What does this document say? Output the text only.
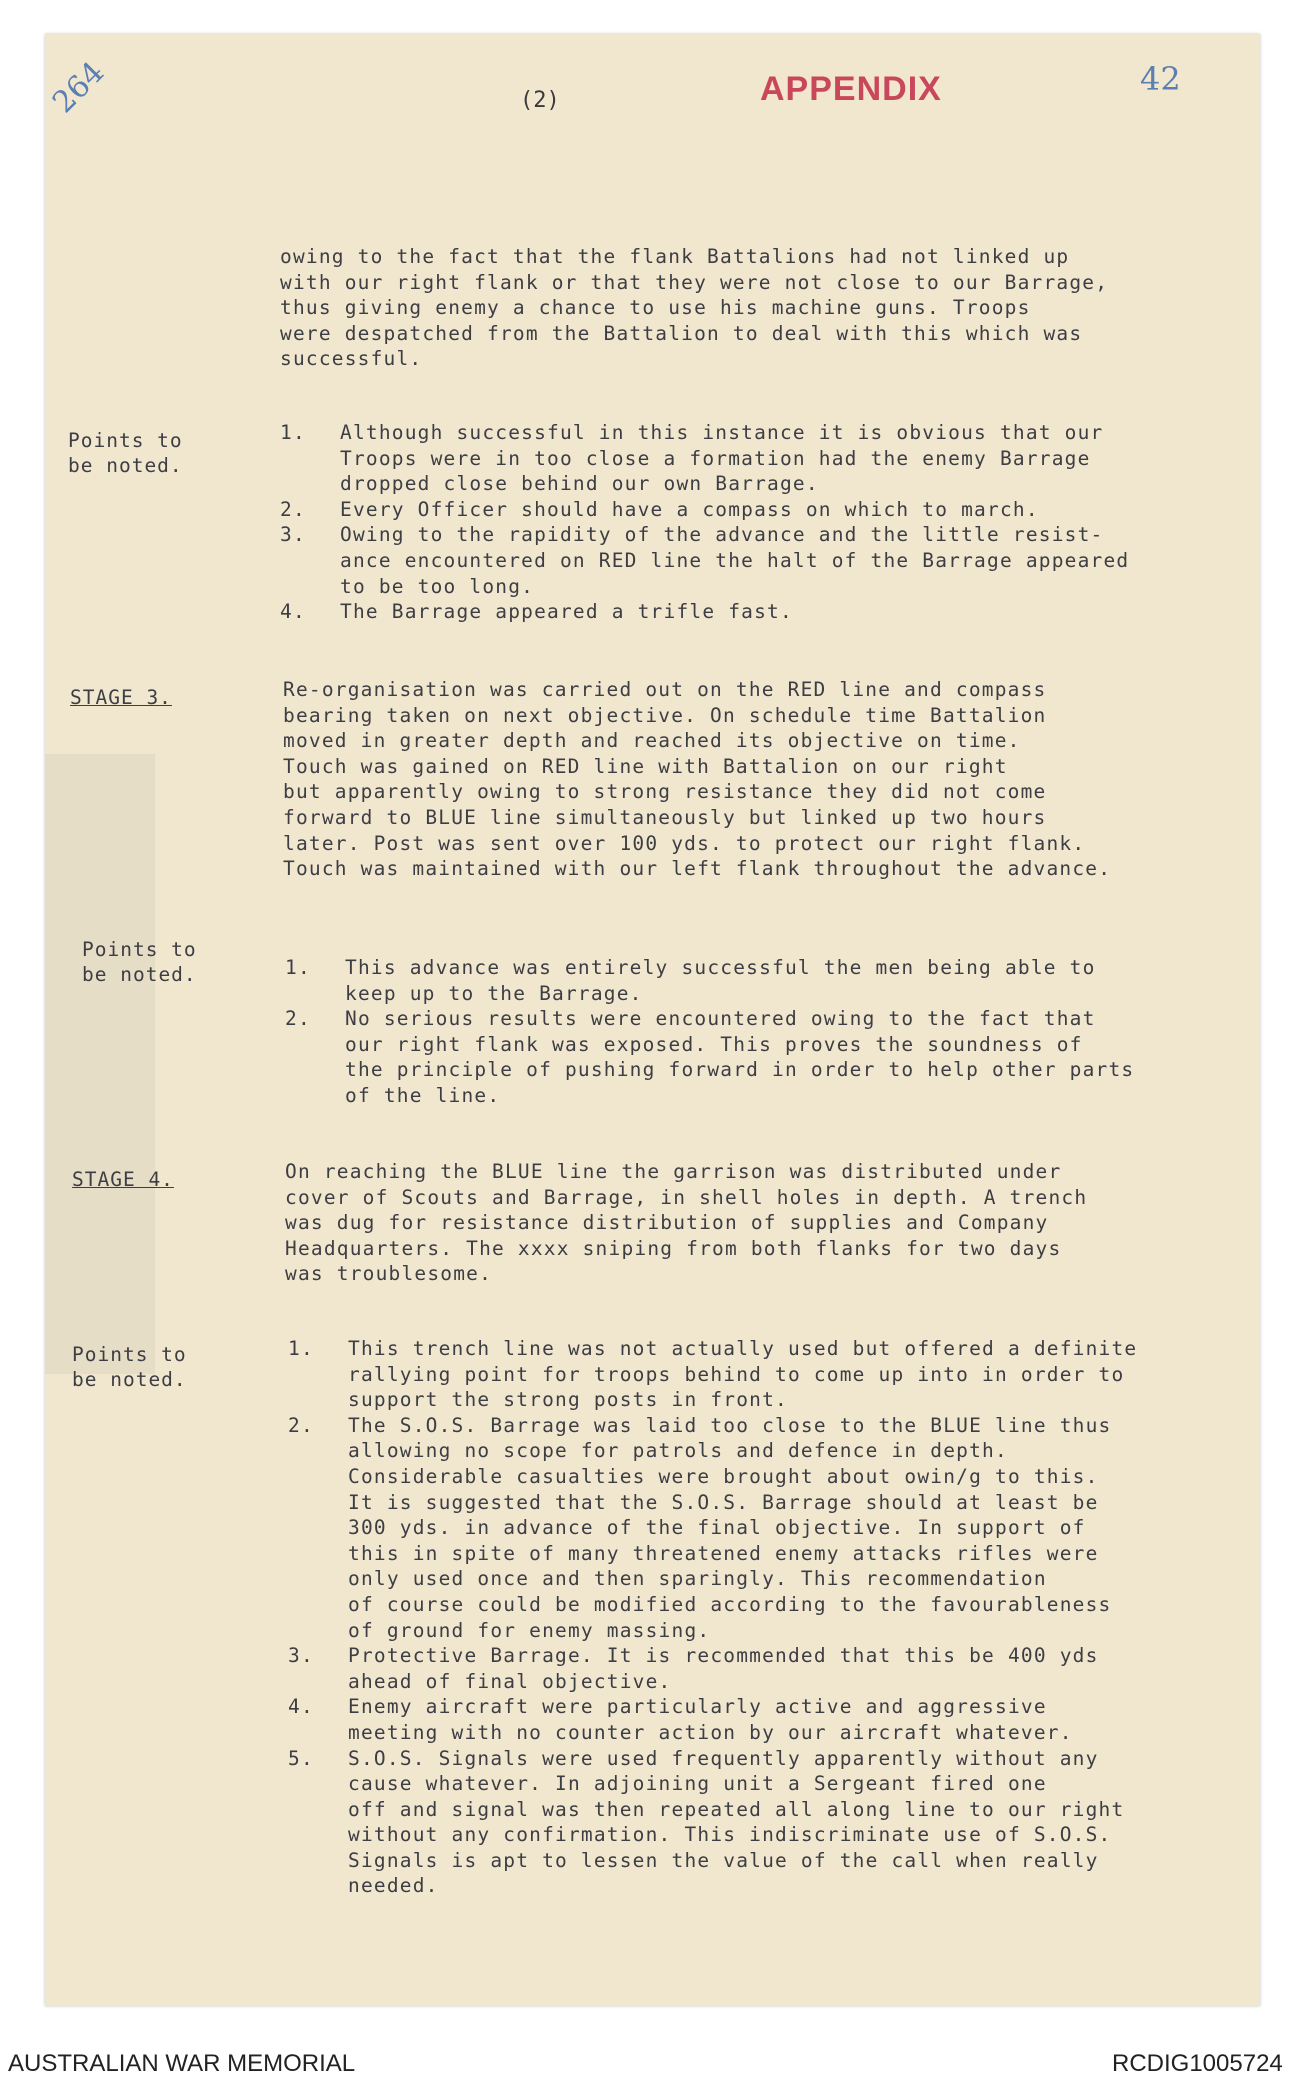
264	(2)	APPENDIX	42

owing to the fact that the flank Battalions had not linked up
with our right flank or that they were not close to our Barrage,
thus giving enemy a chance to use his machine guns. Troops
were despatched from the Battalion to deal with this which was
successful.

Points to
be noted.
1. Although successful in this instance it is obvious that our
Troops were in too close a formation had the enemy Barrage
dropped close behind our own Barrage.
2. Every Officer should have a compass on which to march.
3. Owing to the rapidity of the advance and the little resist-
ance encountered on RED line the halt of the Barrage appeared
to be too long.
4. The Barrage appeared a trifle fast.
STAGE 3.	Re-organisation was carried out on the RED line and compass
bearing taken on next objective. On schedule time Battalion
moved in greater depth and reached its objective on time.
Touch was gained on RED line with Battalion on our right
but apparently owing to strong resistance they did not come
forward to BLUE line simultaneously but linked up two hours
later. Post was sent over 100 yds. to protect our right flank.
Touch was maintained with our left flank throughout the advance.

Points to
be noted.	1. This advance was entirely successful the men being able to
keep up to the Barrage.
2. No serious results were encountered owing to the fact that
our right flank was exposed. This proves the soundness of
the principle of pushing forward in order to help other parts
of the line.
STAGE 4.	On reaching the BLUE line the garrison was distributed under
cover of Scouts and Barrage, in shell holes in depth. A trench
was dug for resistance distribution of supplies and Company
Headquarters. The xxxx sniping from both flanks for two days
was troublesome.

Points to
be noted.
1. This trench line was not actually used but offered a definite
rallying point for troops behind to come up into in order to
support the strong posts in front.
2. The S.O.S. Barrage was laid too close to the BLUE line thus
allowing no scope for patrols and defence in depth.
Considerable casualties were brought about owin/g to this.
It is suggested that the S.O.S. Barrage should at least be
300 yds. in advance of the final objective. In support of
this in spite of many threatened enemy attacks rifles were
only used once and then sparingly. This recommendation
of course could be modified according to the favourableness
of ground for enemy massing.
3. Protective Barrage. It is recommended that this be 400 yds
ahead of final objective.
4. Enemy aircraft were particularly active and aggressive
meeting with no counter action by our aircraft whatever.
5. S.O.S. Signals were used frequently apparently without any
cause whatever. In adjoining unit a Sergeant fired one
off and signal was then repeated all along line to our right
without any confirmation. This indiscriminate use of S.O.S.
Signals is apt to lessen the value of the call when really
needed.
AUSTRALIAN WAR MEMORIAL	RCDIG1005724
